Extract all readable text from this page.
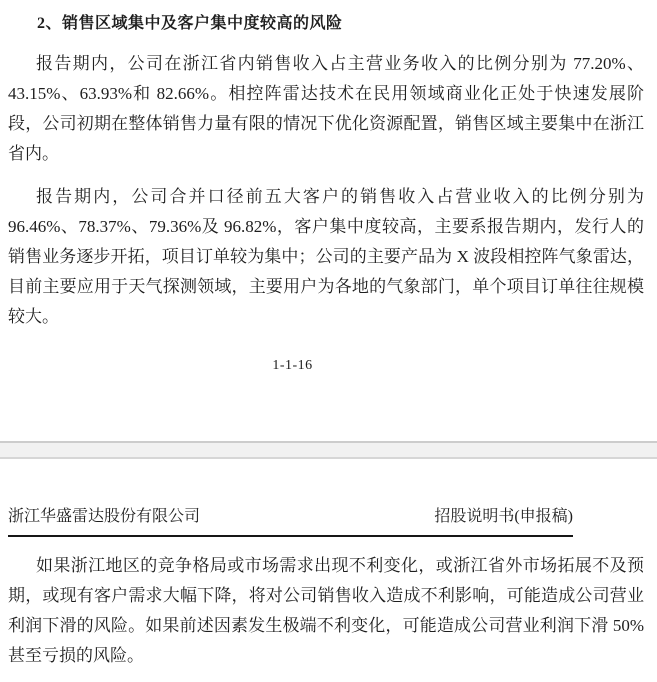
2、销售区域集中及客户集中度较高的风险

报告期内，公司在浙江省内销售收入占主营业务收入的比例分别为 77.20%、43.15%、63.93%和 82.66%。相控阵雷达技术在民用领域商业化正处于快速发展阶段，公司初期在整体销售力量有限的情况下优化资源配置，销售区域主要集中在浙江省内。

报告期内，公司合并口径前五大客户的销售收入占营业收入的比例分别为 96.46%、78.37%、79.36%及 96.82%，客户集中度较高，主要系报告期内，发行人的销售业务逐步开拓，项目订单较为集中；公司的主要产品为 X 波段相控阵气象雷达，目前主要应用于天气探测领域，主要用户为各地的气象部门，单个项目订单往往规模较大。

1-1-16
浙江华盛雷达股份有限公司	招股说明书(申报稿)

如果浙江地区的竞争格局或市场需求出现不利变化，或浙江省外市场拓展不及预期，或现有客户需求大幅下降，将对公司销售收入造成不利影响，可能造成公司营业利润下滑的风险。如果前述因素发生极端不利变化，可能造成公司营业利润下滑 50%甚至亏损的风险。
